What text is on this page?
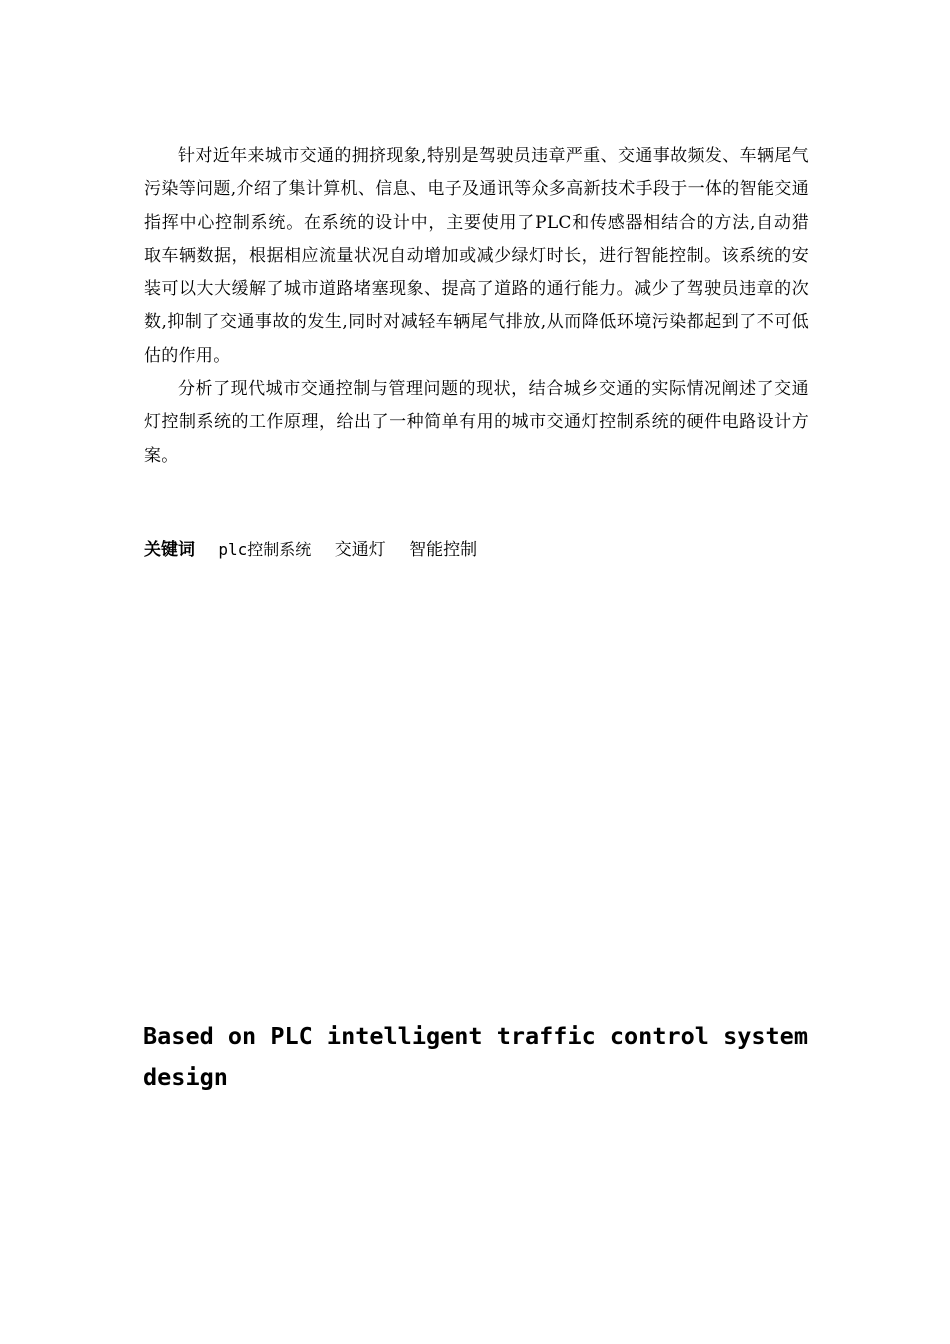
针对近年来城市交通的拥挤现象,特别是驾驶员违章严重、交通事故频发、车辆尾气污染等问题,介绍了集计算机、信息、电子及通讯等众多高新技术手段于一体的智能交通指挥中心控制系统。在系统的设计中，主要使用了PLC和传感器相结合的方法,自动猎取车辆数据，根据相应流量状况自动增加或减少绿灯时长，进行智能控制。该系统的安装可以大大缓解了城市道路堵塞现象、提高了道路的通行能力。减少了驾驶员违章的次数,抑制了交通事故的发生,同时对减轻车辆尾气排放,从而降低环境污染都起到了不可低估的作用。

分析了现代城市交通控制与管理问题的现状，结合城乡交通的实际情况阐述了交通灯控制系统的工作原理，给出了一种简单有用的城市交通灯控制系统的硬件电路设计方案。

关键词 plc控制系统 交通灯 智能控制
Based on PLC intelligent traffic control system design
